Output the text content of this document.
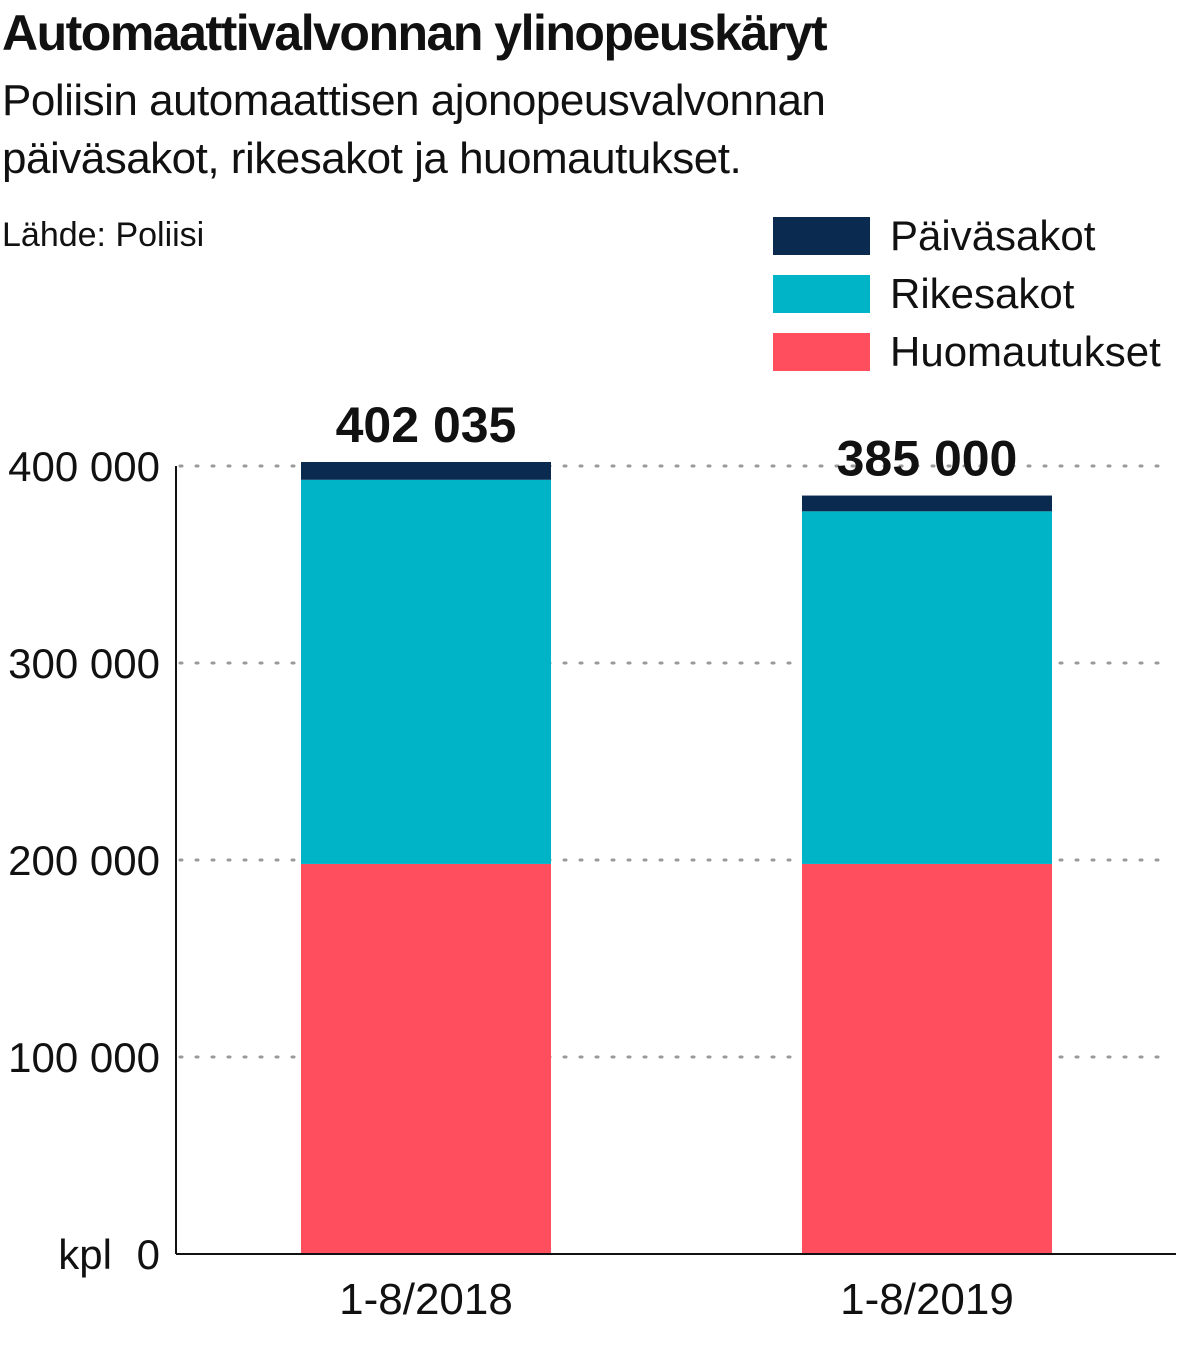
Automaattivalvonnan ylinopeuskäryt

Poliisin automaattisen ajonopeusvalvonnan päiväsakot, rikesakot ja huomautukset.

Lähde: Poliisi	Päiväsakot
Rikesakot
Huomautukset
0
100 000
200 000
300 000
400 000
kpl
402 035
1-8/2018
385 000
1-8/2019
